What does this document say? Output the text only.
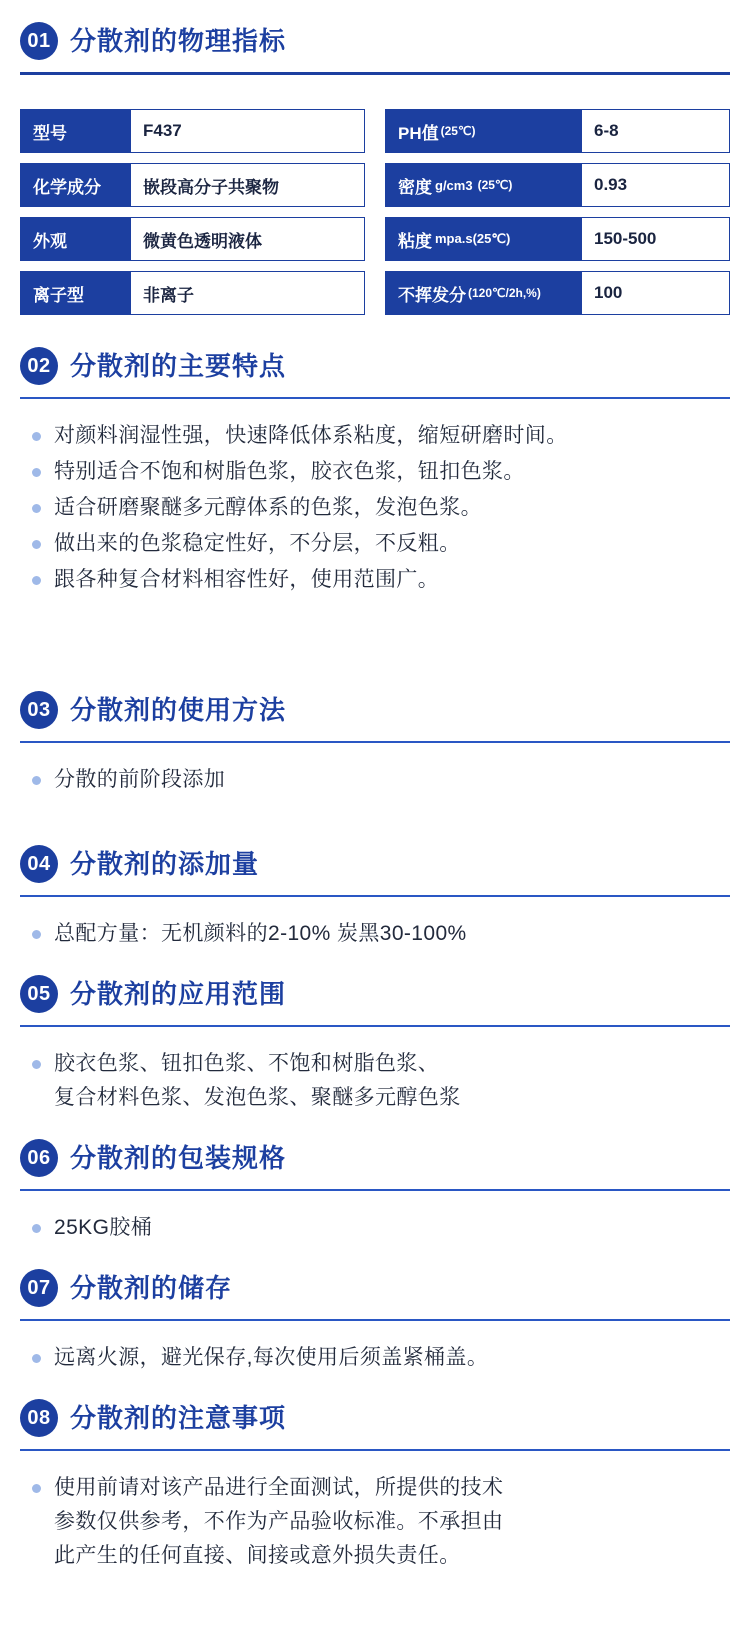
01 分散剂的物理指标
型号	F437
化学成分	嵌段高分子共聚物
外观	微黄色透明液体
离子型	非离子
PH值 (25℃)	6-8
密度 g/cm3 (25℃)	0.93
粘度 mpa.s(25℃)	150-500
不挥发分 (120℃/2h,%)	100
02 分散剂的主要特点
对颜料润湿性强，快速降低体系粘度，缩短研磨时间。
特别适合不饱和树脂色浆，胶衣色浆，钮扣色浆。
适合研磨聚醚多元醇体系的色浆，发泡色浆。
做出来的色浆稳定性好，不分层，不反粗。
跟各种复合材料相容性好，使用范围广。
03 分散剂的使用方法
分散的前阶段添加
04 分散剂的添加量
总配方量：无机颜料的2-10% 炭黑30-100%
05 分散剂的应用范围
胶衣色浆、钮扣色浆、不饱和树脂色浆、
复合材料色浆、发泡色浆、聚醚多元醇色浆
06 分散剂的包装规格
25KG胶桶
07 分散剂的储存
远离火源，避光保存,每次使用后须盖紧桶盖。
08 分散剂的注意事项
使用前请对该产品进行全面测试，所提供的技术
参数仅供参考，不作为产品验收标准。不承担由
此产生的任何直接、间接或意外损失责任。
